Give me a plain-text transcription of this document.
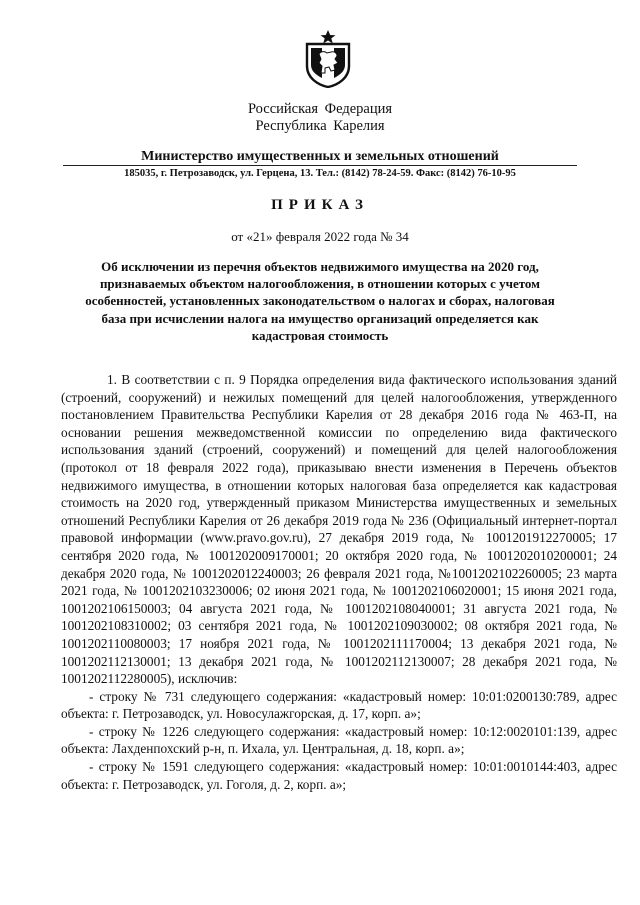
Российская Федерация
Республика Карелия
Министерство имущественных и земельных отношений
185035, г. Петрозаводск, ул. Герцена, 13. Тел.: (8142) 78-24-59. Факс: (8142) 76-10-95
ПРИКАЗ
от «21» февраля 2022 года № 34
Об исключении из перечня объектов недвижимого имущества на 2020 год, признаваемых объектом налогообложения, в отношении которых с учетом особенностей, установленных законодательством о налогах и сборах, налоговая база при исчислении налога на имущество организаций определяется как кадастровая стоимость

1. В соответствии с п. 9 Порядка определения вида фактического использования зданий (строений, сооружений) и нежилых помещений для целей налогообложения, утвержденного постановлением Правительства Республики Карелия от 28 декабря 2016 года № 463-П, на основании решения межведомственной комиссии по определению вида фактического использования зданий (строений, сооружений) и помещений для целей налогообложения (протокол от 18 февраля 2022 года), приказываю внести изменения в Перечень объектов недвижимого имущества, в отношении которых налоговая база определяется как кадастровая стоимость на 2020 год, утвержденный приказом Министерства имущественных и земельных отношений Республики Карелия от 26 декабря 2019 года № 236 (Официальный интернет-портал правовой информации (www.pravo.gov.ru), 27 декабря 2019 года, № 1001201912270005; 17 сентября 2020 года, № 1001202009170001; 20 октября 2020 года, № 1001202010200001; 24 декабря 2020 года, № 1001202012240003; 26 февраля 2021 года, №1001202102260005; 23 марта 2021 года, № 1001202103230006; 02 июня 2021 года, № 1001202106020001; 15 июня 2021 года, 1001202106150003; 04 августа 2021 года, № 1001202108040001; 31 августа 2021 года, № 1001202108310002; 03 сентября 2021 года, № 1001202109030002; 08 октября 2021 года, № 1001202110080003; 17 ноября 2021 года, № 1001202111170004; 13 декабря 2021 года, № 1001202112130001; 13 декабря 2021 года, № 1001202112130007; 28 декабря 2021 года, № 1001202112280005), исключив:

- строку № 731 следующего содержания: «кадастровый номер: 10:01:0200130:789, адрес объекта: г. Петрозаводск, ул. Новосулажгорская, д. 17, корп. а»;

- строку № 1226 следующего содержания: «кадастровый номер: 10:12:0020101:139, адрес объекта: Лахденпохский р-н, п. Ихала, ул. Центральная, д. 18, корп. а»;

- строку № 1591 следующего содержания: «кадастровый номер: 10:01:0010144:403, адрес объекта: г. Петрозаводск, ул. Гоголя, д. 2, корп. а»;
